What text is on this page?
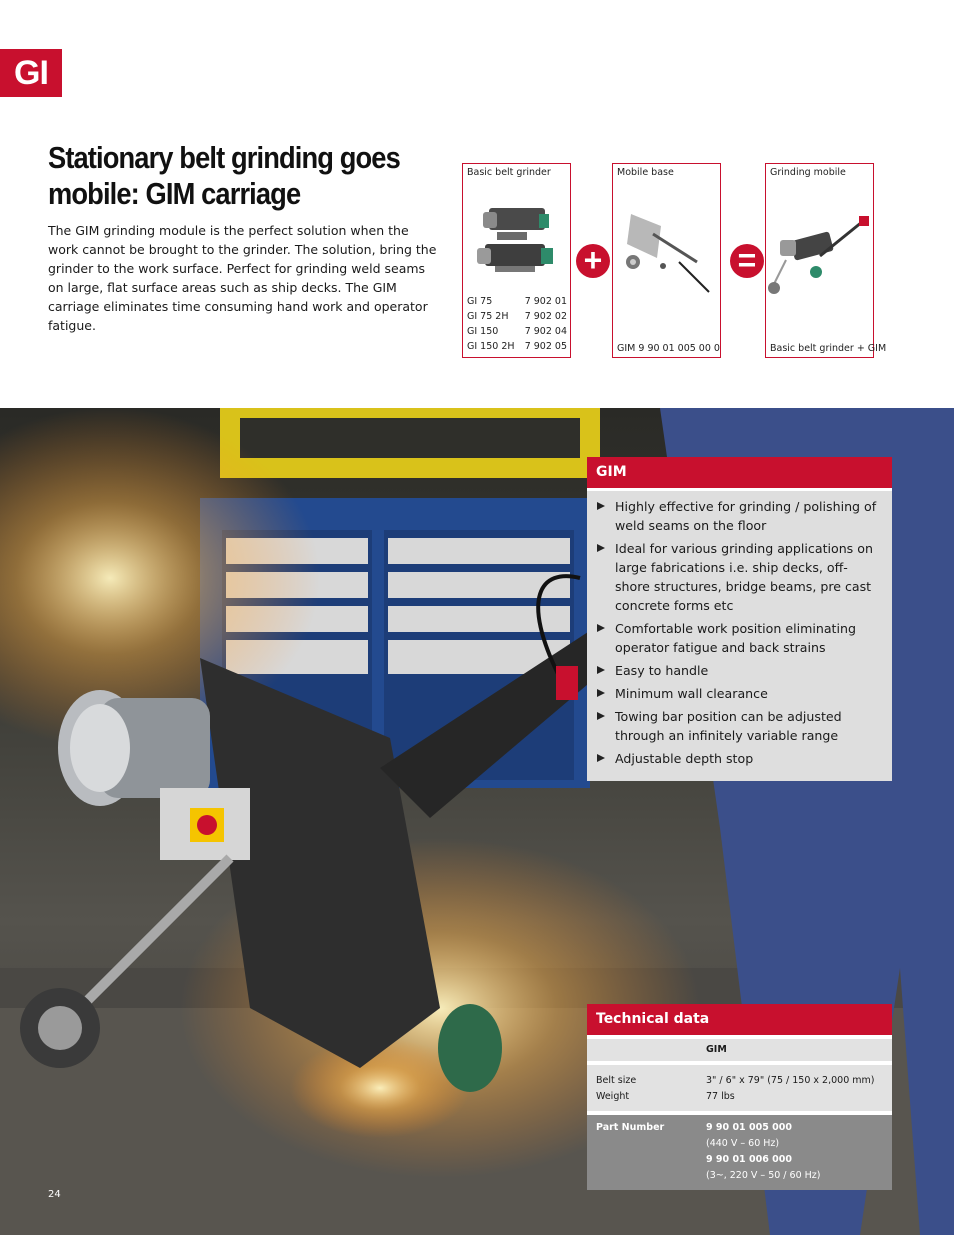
GI
Stationary belt grinding goes mobile: GIM carriage

The GIM grinding module is the perfect solution when the work cannot be brought to the grinder. The solution, bring the grinder to the work surface. Perfect for grinding weld seams on large, flat surface areas such as ship decks. The GIM carriage eliminates time consuming hand work and operator fatigue.

Basic belt grinder
GI 75	7 902 01
GI 75 2H 7 902 02
GI 150	7 902 04
GI 150 2H 7 902 05
+
Mobile base
GIM 9 90 01 005 00 0
=
Grinding mobile
Basic belt grinder + GIM
GIM
Highly effective for grinding / polishing of weld seams on the floor
Ideal for various grinding applications on large fabrications i.e. ship decks, off-shore structures, bridge beams, pre cast concrete forms etc
Comfortable work position eliminating operator fatigue and back strains
Easy to handle
Minimum wall clearance
Towing bar position can be adjusted through an infinitely variable range
Adjustable depth stop
Technical data
GIM
Belt size	3" / 6" x 79" (75 / 150 x 2,000 mm)
Weight	77 lbs
Part Number	9 90 01 005 000
(440 V – 60 Hz)
9 90 01 006 000
(3~, 220 V – 50 / 60 Hz)
24
